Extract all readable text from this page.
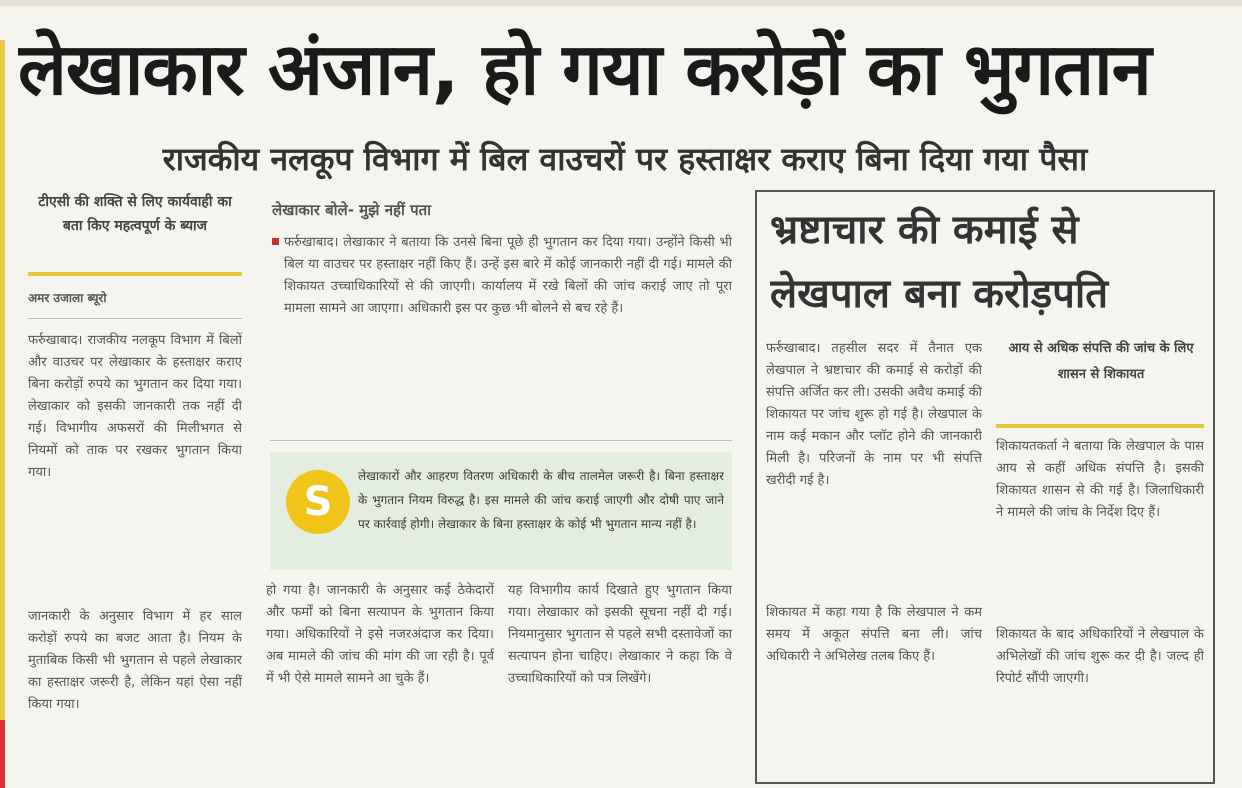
लेखाकार अंजान, हो गया करोड़ों का भुगतान
राजकीय नलकूप विभाग में बिल वाउचरों पर हस्ताक्षर कराए बिना दिया गया पैसा
टीएसी की शक्ति से लिए कार्यवाही का बता किए महत्वपूर्ण के ब्याज
अमर उजाला ब्यूरो
फर्रुखाबाद। राजकीय नलकूप विभाग में बिलों और वाउचर पर लेखाकार के हस्ताक्षर कराए बिना करोड़ों रुपये का भुगतान कर दिया गया। लेखाकार को इसकी जानकारी तक नहीं दी गई। विभागीय अफसरों की मिलीभगत से नियमों को ताक पर रखकर भुगतान किया गया।
जानकारी के अनुसार विभाग में हर साल करोड़ों रुपये का बजट आता है। नियम के मुताबिक किसी भी भुगतान से पहले लेखाकार का हस्ताक्षर जरूरी है, लेकिन यहां ऐसा नहीं किया गया।
लेखाकार बोले- मुझे नहीं पता
फर्रुखाबाद। लेखाकार ने बताया कि उनसे बिना पूछे ही भुगतान कर दिया गया। उन्होंने किसी भी बिल या वाउचर पर हस्ताक्षर नहीं किए हैं। उन्हें इस बारे में कोई जानकारी नहीं दी गई। मामले की शिकायत उच्चाधिकारियों से की जाएगी। कार्यालय में रखे बिलों की जांच कराई जाए तो पूरा मामला सामने आ जाएगा। अधिकारी इस पर कुछ भी बोलने से बच रहे हैं।
S
लेखाकारों और आहरण वितरण अधिकारी के बीच तालमेल जरूरी है। बिना हस्ताक्षर के भुगतान नियम विरुद्ध है। इस मामले की जांच कराई जाएगी और दोषी पाए जाने पर कार्रवाई होगी। लेखाकार के बिना हस्ताक्षर के कोई भी भुगतान मान्य नहीं है।
हो गया है। जानकारी के अनुसार कई ठेकेदारों और फर्मों को बिना सत्यापन के भुगतान किया गया। अधिकारियों ने इसे नजरअंदाज कर दिया। अब मामले की जांच की मांग की जा रही है। पूर्व में भी ऐसे मामले सामने आ चुके हैं।
यह विभागीय कार्य दिखाते हुए भुगतान किया गया। लेखाकार को इसकी सूचना नहीं दी गई। नियमानुसार भुगतान से पहले सभी दस्तावेजों का सत्यापन होना चाहिए। लेखाकार ने कहा कि वे उच्चाधिकारियों को पत्र लिखेंगे।
भ्रष्टाचार की कमाई से लेखपाल बना करोड़पति
फर्रुखाबाद। तहसील सदर में तैनात एक लेखपाल ने भ्रष्टाचार की कमाई से करोड़ों की संपत्ति अर्जित कर ली। उसकी अवैध कमाई की शिकायत पर जांच शुरू हो गई है। लेखपाल के नाम कई मकान और प्लॉट होने की जानकारी मिली है। परिजनों के नाम पर भी संपत्ति खरीदी गई है।
शिकायत में कहा गया है कि लेखपाल ने कम समय में अकूत संपत्ति बना ली। जांच अधिकारी ने अभिलेख तलब किए हैं।
आय से अधिक संपत्ति की जांच के लिए शासन से शिकायत
शिकायतकर्ता ने बताया कि लेखपाल के पास आय से कहीं अधिक संपत्ति है। इसकी शिकायत शासन से की गई है। जिलाधिकारी ने मामले की जांच के निर्देश दिए हैं।
शिकायत के बाद अधिकारियों ने लेखपाल के अभिलेखों की जांच शुरू कर दी है। जल्द ही रिपोर्ट सौंपी जाएगी।
